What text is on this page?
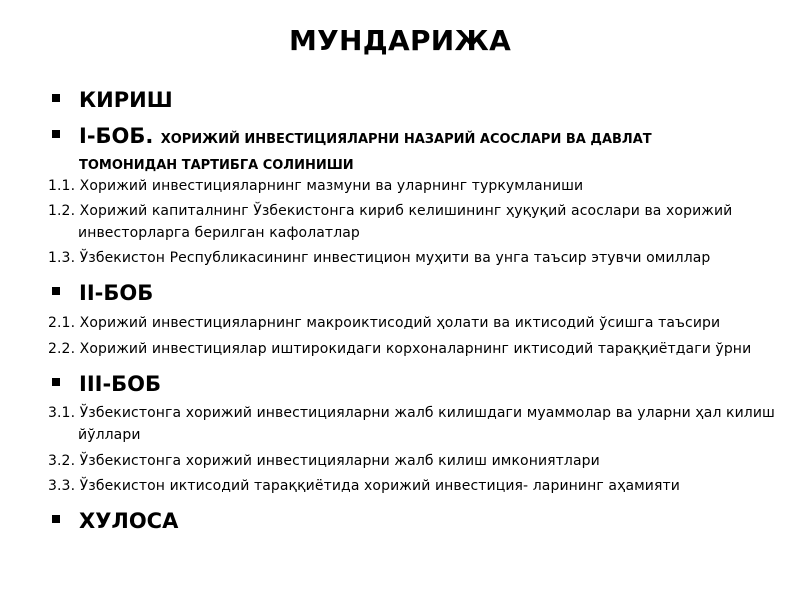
МУНДАРИЖА
КИРИШ
I-БОБ. ХОРИЖИЙ ИНВЕСТИЦИЯЛАРНИ НАЗАРИЙ АСОСЛАРИ ВА ДАВЛАТ
ТОМОНИДАН ТАРТИБГА СОЛИНИШИ
1.1. Хорижий инвестицияларнинг мазмуни ва уларнинг туркумланиши
1.2. Хорижий капиталнинг Ўзбекистонга кириб келишининг ҳуқуқий асослари ва хорижий инвесторларга берилган кафолатлар
1.3. Ўзбекистон Республикасининг инвестицион муҳити ва унга таъсир этувчи омиллар
II-БОБ
2.1. Хорижий инвестицияларнинг макроиктисодий ҳолати ва иктисодий ўсишга таъсири
2.2. Хорижий инвестициялар иштирокидаги корхоналарнинг иктисодий тараққиётдаги ўрни
III-БОБ
3.1. Ўзбекистонга хорижий инвестицияларни жалб килишдаги муаммолар ва уларни ҳал килиш йўллари
3.2. Ўзбекистонга хорижий инвестицияларни жалб килиш имкониятлари
3.3. Ўзбекистон иктисодий тараққиётида хорижий инвестиция- ларининг аҳамияти
ХУЛОСА
